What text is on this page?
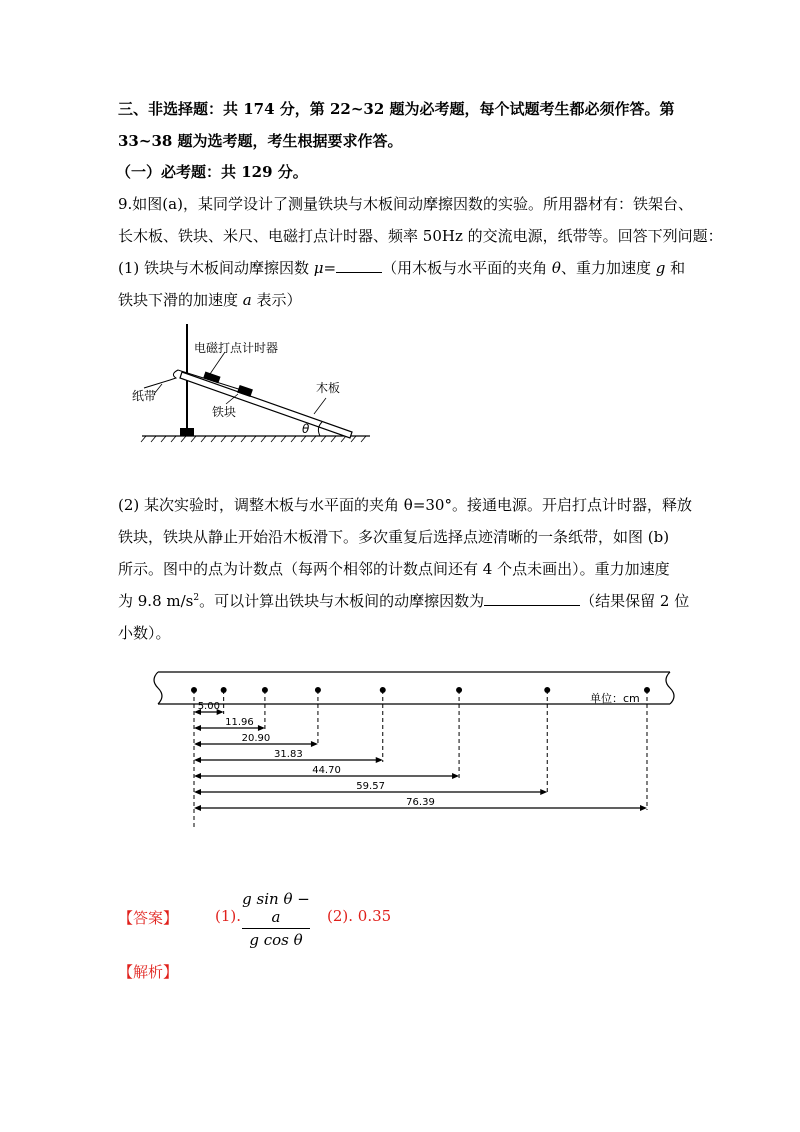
三、非选择题：共 174 分，第 22~32 题为必考题，每个试题考生都必须作答。第
33~38 题为选考题，考生根据要求作答。
（一）必考题：共 129 分。
9.如图(a)，某同学设计了测量铁块与木板间动摩擦因数的实验。所用器材有：铁架台、
长木板、铁块、米尺、电磁打点计时器、频率 50Hz 的交流电源，纸带等。回答下列问题：
(1) 铁块与木板间动摩擦因数 μ=	（用木板与水平面的夹角 θ、重力加速度 g 和
铁块下滑的加速度 a 表示）
θ
电磁打点计时器
纸带
铁块
木板
(2) 某次实验时，调整木板与水平面的夹角 θ=30°。接通电源。开启打点计时器，释放
铁块，铁块从静止开始沿木板滑下。多次重复后选择点迹清晰的一条纸带，如图 (b)
所示。图中的点为计数点（每两个相邻的计数点间还有 4 个点未画出）。重力加速度
为 9.8 $m/s^2$。可以计算出铁块与木板间的动摩擦因数为	（结果保留 2 位
小数）。
单位：cm
5.00
11.96
20.90
31.83
44.70
59.57
76.39
【答案】 (1). $\frac{\text{g sin θ − a}}{\text{g cos θ}} (2)$. 0.35
【解析】
